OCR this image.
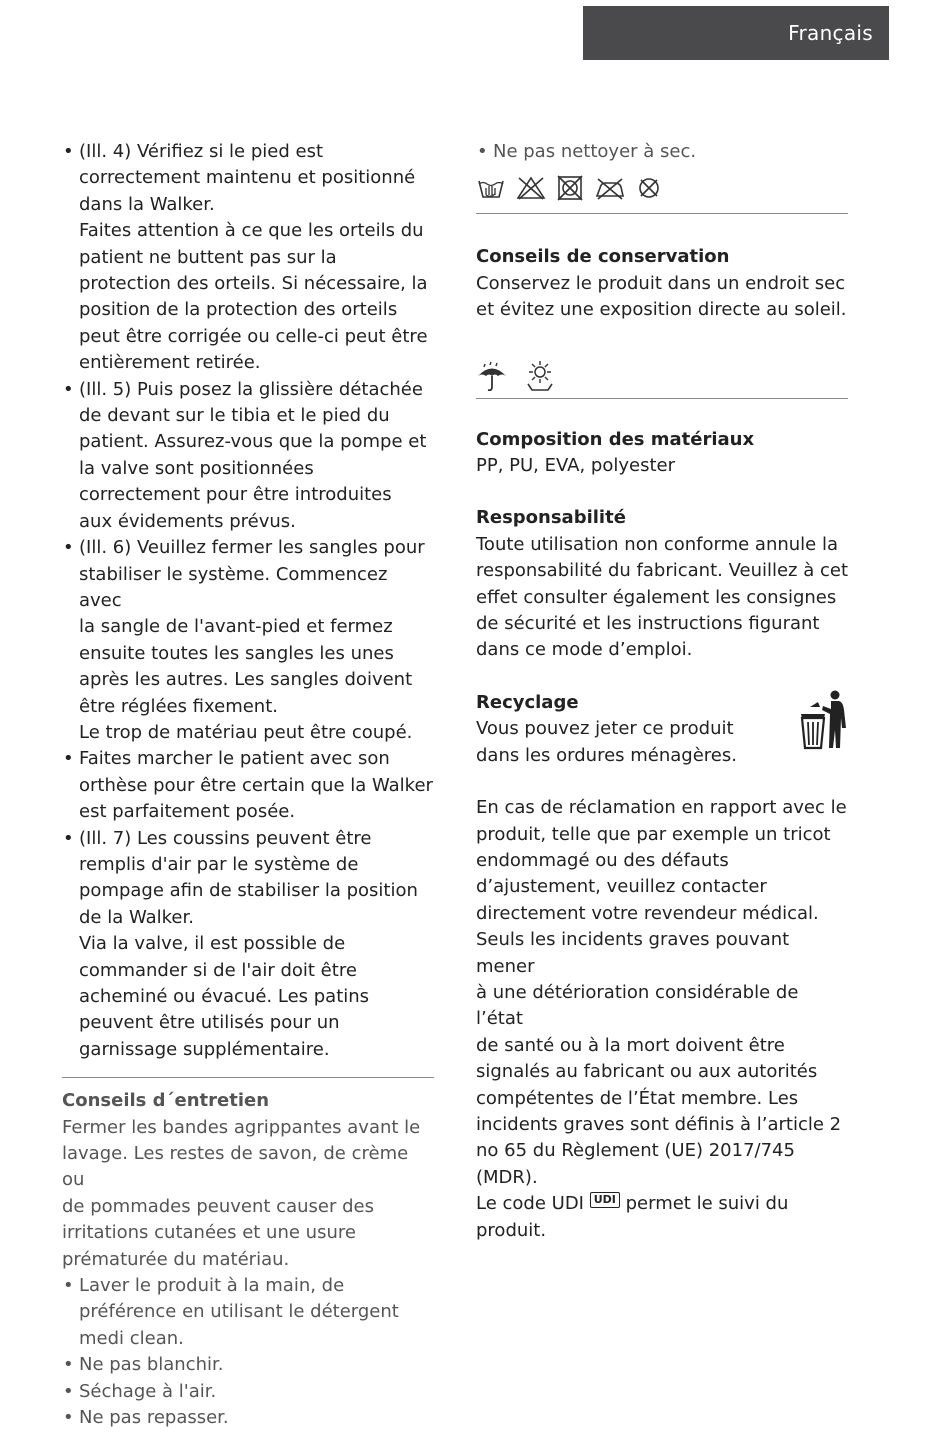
Français
• (Ill. 4) Vérifiez si le pied est
correctement maintenu et positionné
dans la Walker.
Faites attention à ce que les orteils du
patient ne buttent pas sur la
protection des orteils. Si nécessaire, la
position de la protection des orteils
peut être corrigée ou celle-ci peut être
entièrement retirée.
• (Ill. 5) Puis posez la glissière détachée
de devant sur le tibia et le pied du
patient. Assurez-vous que la pompe et
la valve sont positionnées
correctement pour être introduites
aux évidements prévus.
• (Ill. 6) Veuillez fermer les sangles pour
stabiliser le système. Commencez avec
la sangle de l'avant-pied et fermez
ensuite toutes les sangles les unes
après les autres. Les sangles doivent
être réglées fixement.
Le trop de matériau peut être coupé.
• Faites marcher le patient avec son
orthèse pour être certain que la Walker
est parfaitement posée.
• (Ill. 7) Les coussins peuvent être
remplis d'air par le système de
pompage afin de stabiliser la position
de la Walker.
Via la valve, il est possible de
commander si de l'air doit être
acheminé ou évacué. Les patins
peuvent être utilisés pour un
garnissage supplémentaire.
Conseils d´entretien
Fermer les bandes agrippantes avant le
lavage. Les restes de savon, de crème ou
de pommades peuvent causer des
irritations cutanées et une usure
prématurée du matériau.
• Laver le produit à la main, de
préférence en utilisant le détergent
medi clean.
• Ne pas blanchir.
• Séchage à l'air.
• Ne pas repasser.
• Ne pas nettoyer à sec.
Conseils de conservation
Conservez le produit dans un endroit sec
et évitez une exposition directe au soleil.
Composition des matériaux
PP, PU, EVA, polyester
Responsabilité
Toute utilisation non conforme annule la
responsabilité du fabricant. Veuillez à cet
effet consulter également les consignes
de sécurité et les instructions figurant
dans ce mode d’emploi.
Recyclage
Vous pouvez jeter ce produit
dans les ordures ménagères.
En cas de réclamation en rapport avec le
produit, telle que par exemple un tricot
endommagé ou des défauts
d’ajustement, veuillez contacter
directement votre revendeur médical.
Seuls les incidents graves pouvant mener
à une détérioration considérable de l’état
de santé ou à la mort doivent être
signalés au fabricant ou aux autorités
compétentes de l’État membre. Les
incidents graves sont définis à l’article 2
no 65 du Règlement (UE) 2017/745 (MDR).
Le code UDI UDI permet le suivi du
produit.
